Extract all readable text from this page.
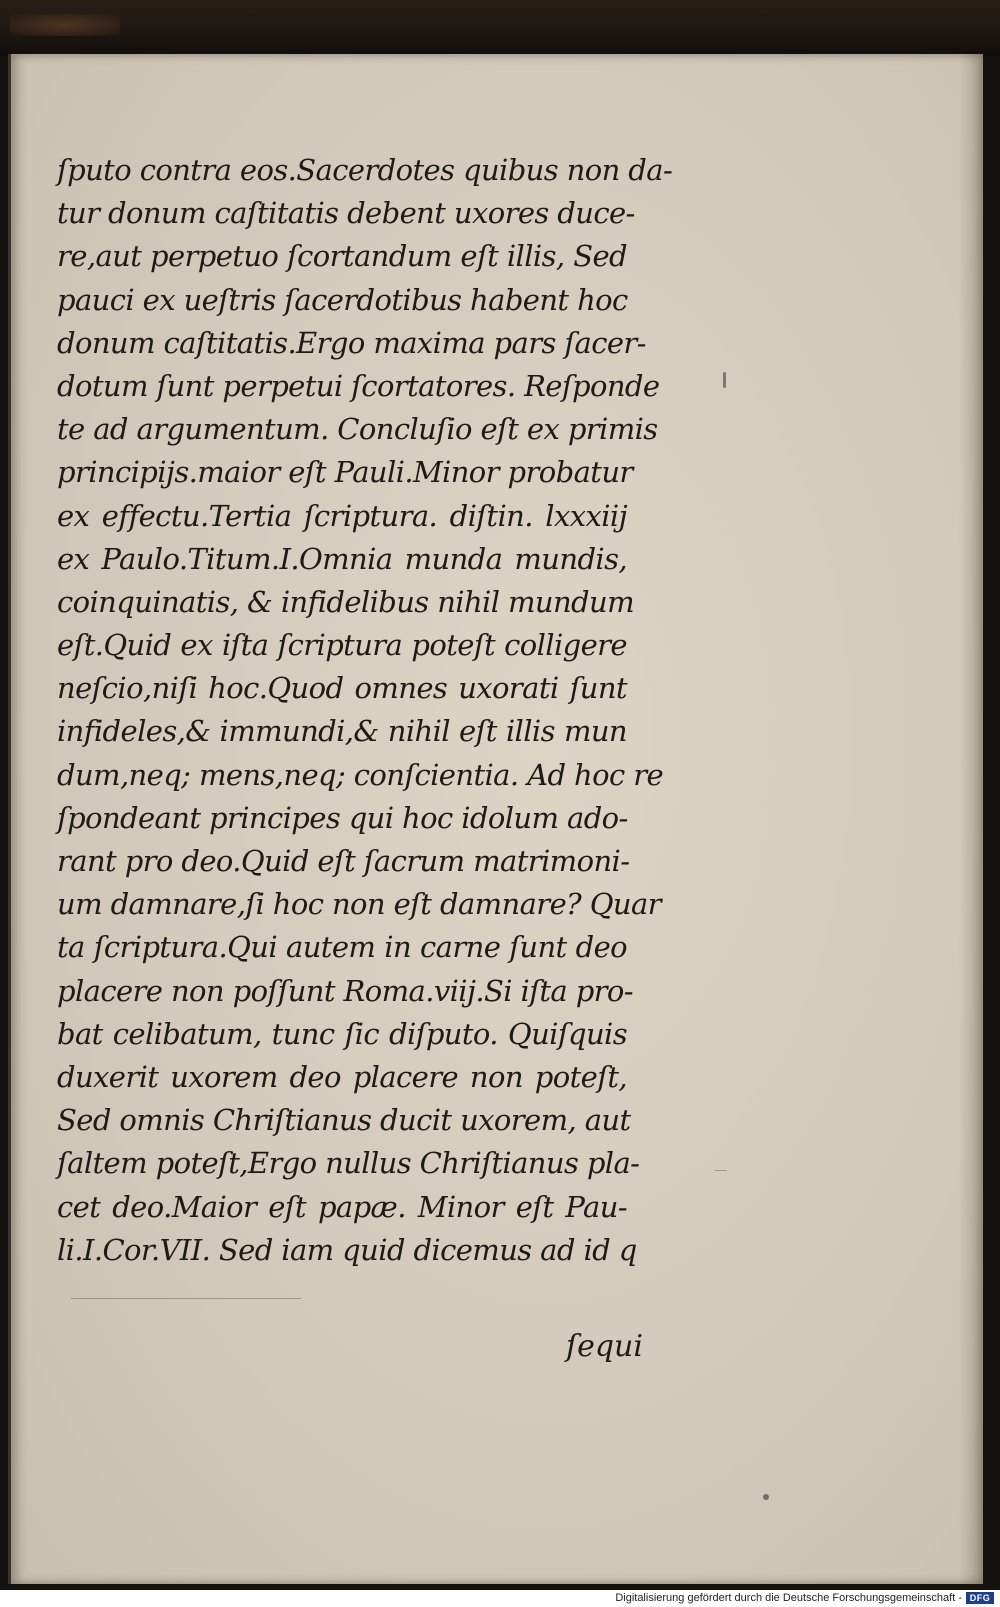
ſputo contra eos.Sacerdotes quibus non da-
tur donum caſtitatis debent uxores duce-
re,aut perpetuo ſcortandum eſt illis, Sed
pauci ex ueſtris ſacerdotibus habent hoc
donum caſtitatis.Ergo maxima pars ſacer-
dotum ſunt perpetui ſcortatores. Reſponde
te ad argumentum. Concluſio eſt ex primis
principijs.maior eſt Pauli.Minor probatur
ex effectu.Tertia ſcriptura. diſtin. lxxxiij
ex Paulo.Titum.I.Omnia munda mundis,
coinquinatis, & infidelibus nihil mundum
eſt.Quid ex iſta ſcriptura poteſt colligere
neſcio,niſi hoc.Quod omnes uxorati ſunt
infideles,& immundi,& nihil eſt illis mun
dum,neq; mens,neq; conſcientia. Ad hoc re
ſpondeant principes qui hoc idolum ado-
rant pro deo.Quid eſt ſacrum matrimoni-
um damnare,ſi hoc non eſt damnare? Quar
ta ſcriptura.Qui autem in carne ſunt deo
placere non poſſunt Roma.viij.Si iſta pro-
bat celibatum, tunc ſic diſputo. Quiſquis
duxerit uxorem deo placere non poteſt,
Sed omnis Chriſtianus ducit uxorem, aut
ſaltem poteſt,Ergo nullus Chriſtianus pla-
cet deo.Maior eſt papæ. Minor eſt Pau-
li.I.Cor.VII. Sed iam quid dicemus ad id q
ſequi
Digitalisierung gefördert durch die Deutsche Forschungsgemeinschaft - DFG
